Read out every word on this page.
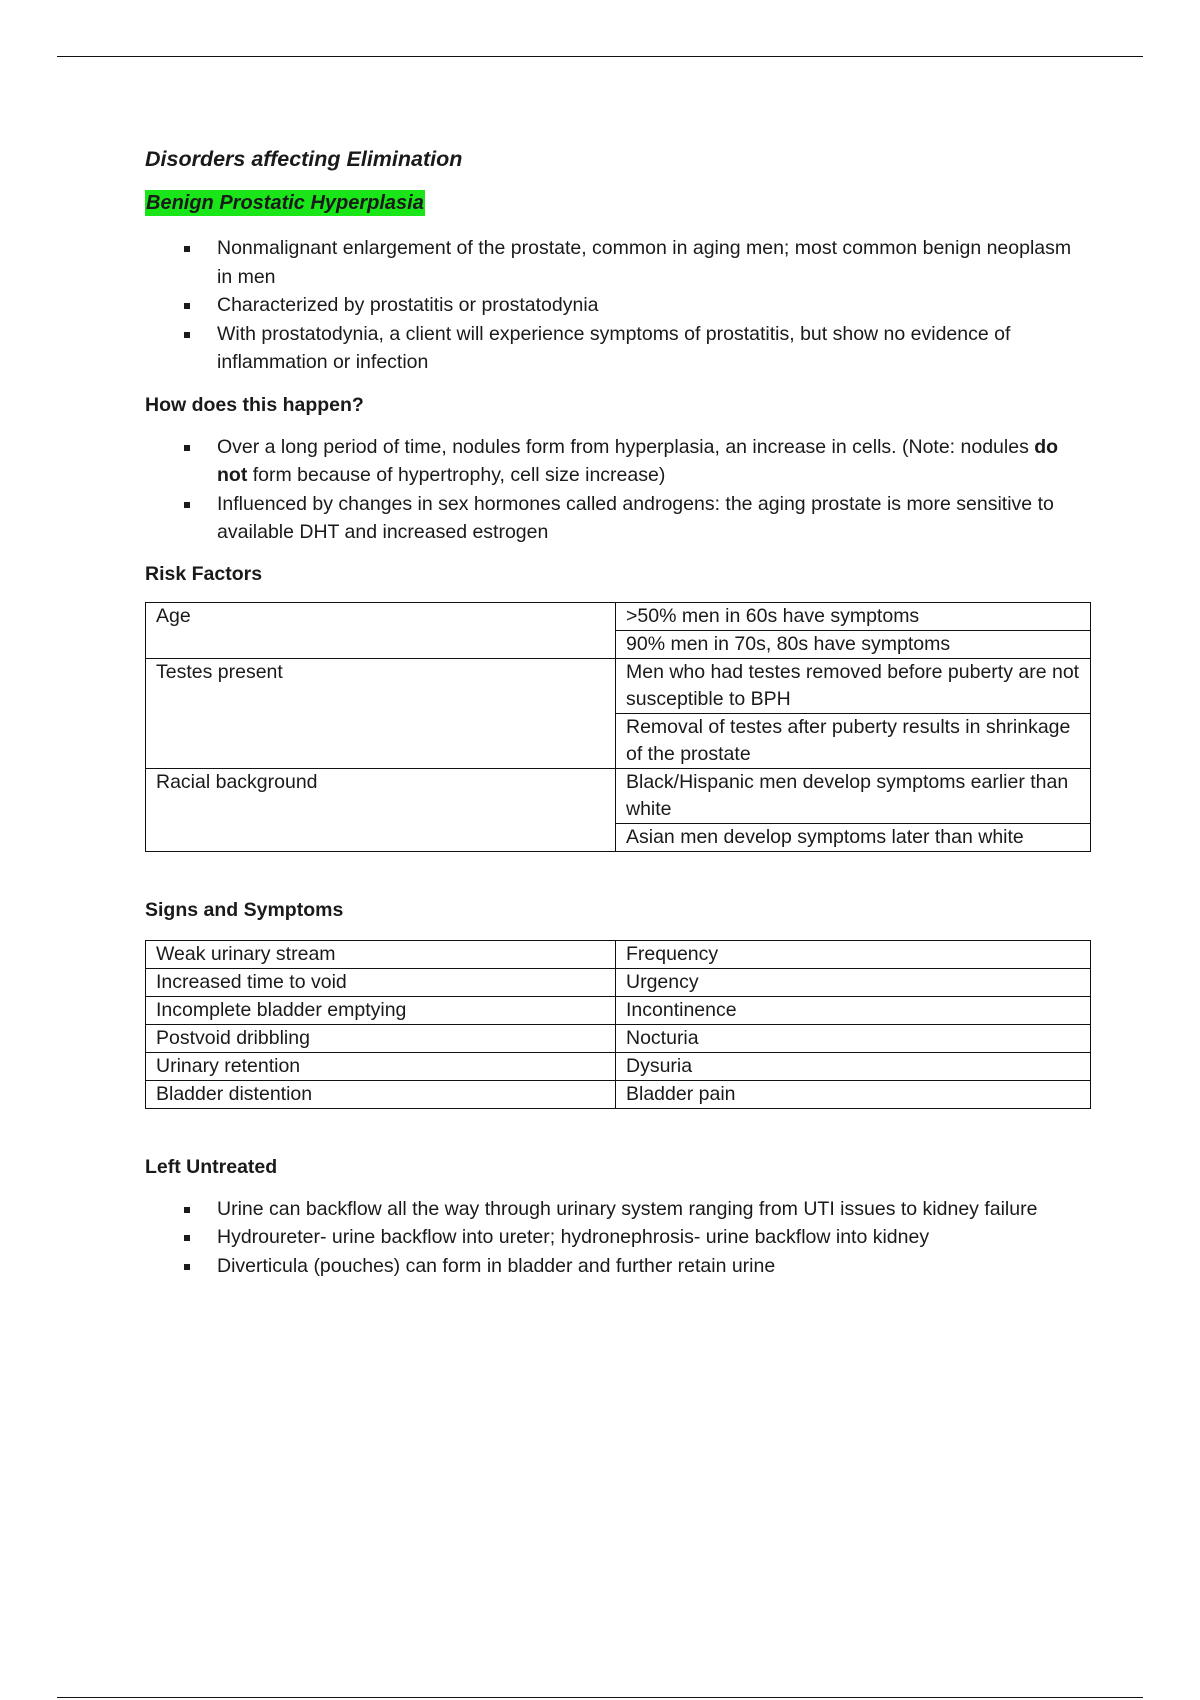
Disorders affecting Elimination
Benign Prostatic Hyperplasia
Nonmalignant enlargement of the prostate, common in aging men; most common benign neoplasm in men
Characterized by prostatitis or prostatodynia
With prostatodynia, a client will experience symptoms of prostatitis, but show no evidence of inflammation or infection
How does this happen?
Over a long period of time, nodules form from hyperplasia, an increase in cells. (Note: nodules do not form because of hypertrophy, cell size increase)
Influenced by changes in sex hormones called androgens: the aging prostate is more sensitive to available DHT and increased estrogen
Risk Factors
Age	>50% men in 60s have symptoms
	90% men in 70s, 80s have symptoms
Testes present	Men who had testes removed before puberty are not susceptible to BPH
	Removal of testes after puberty results in shrinkage of the prostate
Racial background	Black/Hispanic men develop symptoms earlier than white
	Asian men develop symptoms later than white
Signs and Symptoms
Weak urinary stream	Frequency
Increased time to void	Urgency
Incomplete bladder emptying	Incontinence
Postvoid dribbling	Nocturia
Urinary retention	Dysuria
Bladder distention	Bladder pain
Left Untreated
Urine can backflow all the way through urinary system ranging from UTI issues to kidney failure
Hydroureter- urine backflow into ureter; hydronephrosis- urine backflow into kidney
Diverticula (pouches) can form in bladder and further retain urine
